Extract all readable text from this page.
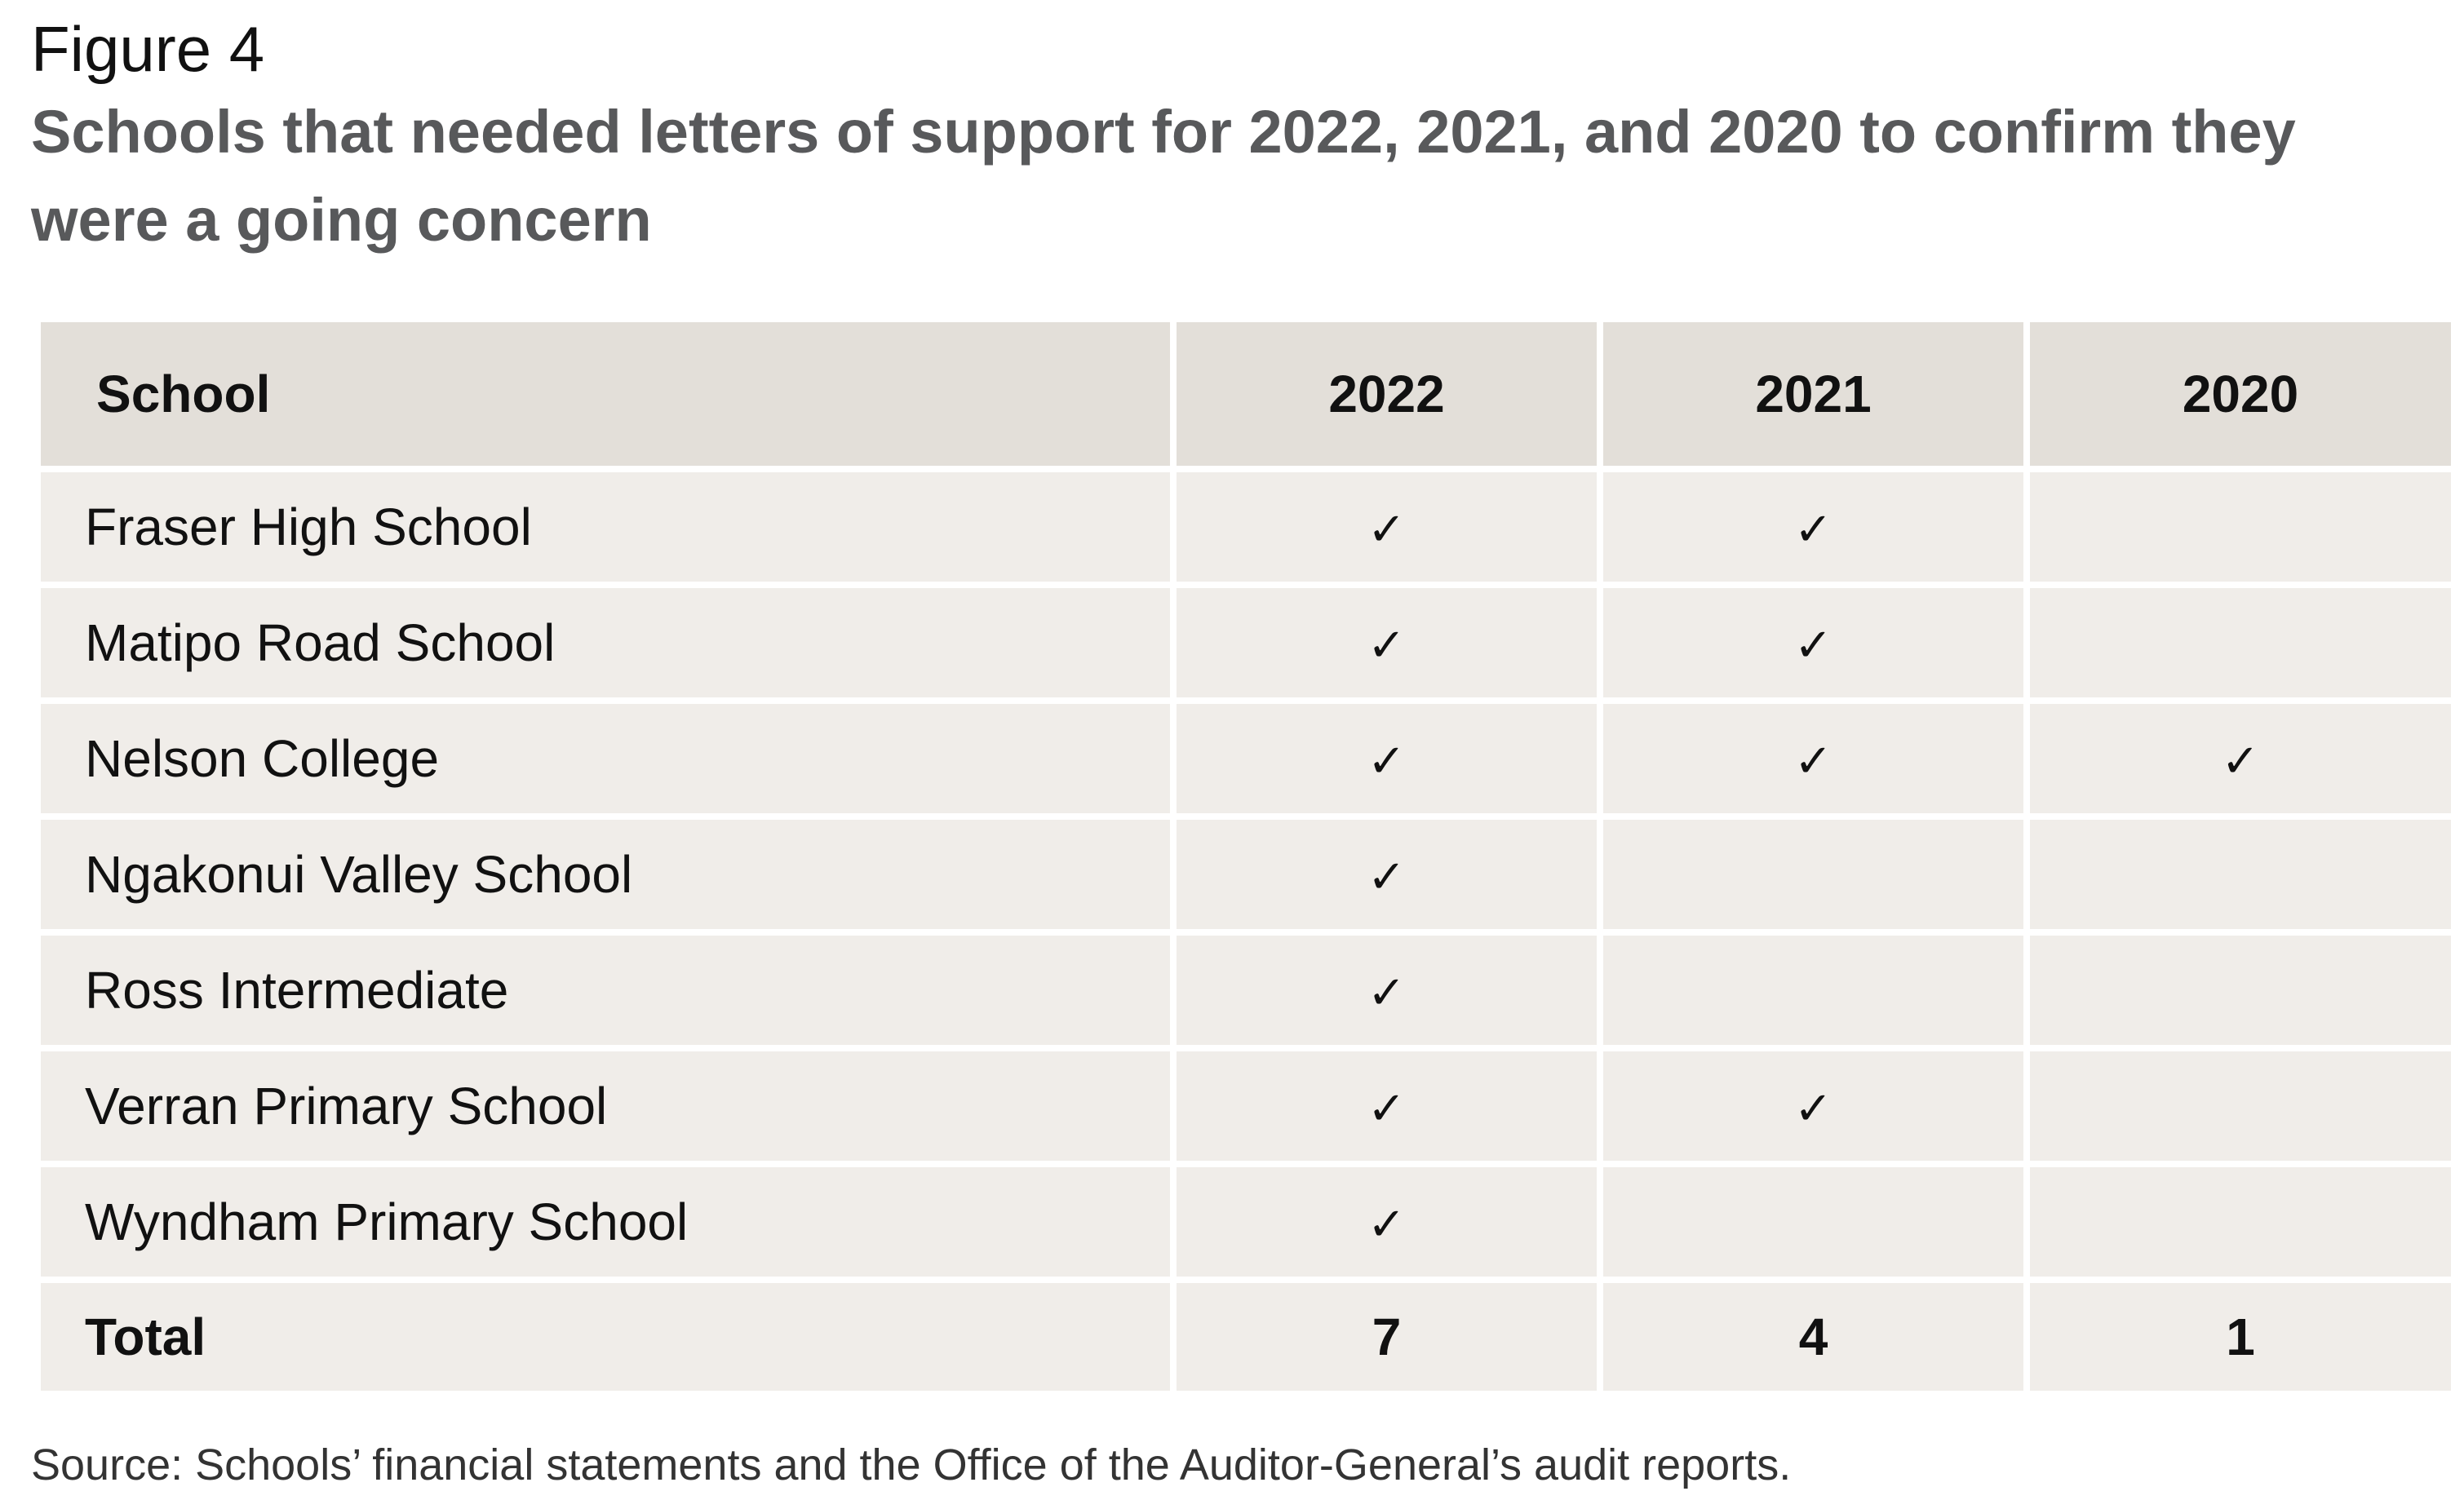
Figure 4
Schools that needed letters of support for 2022, 2021, and 2020 to confirm they were a going concern
School	2022	2021	2020
Fraser High School	✓	✓	
Matipo Road School	✓	✓	
Nelson College	✓	✓	✓
Ngakonui Valley School	✓		
Ross Intermediate	✓		
Verran Primary School	✓	✓	
Wyndham Primary School	✓		
Total	7	4	1
Source: Schools’ financial statements and the Office of the Auditor-General’s audit reports.
